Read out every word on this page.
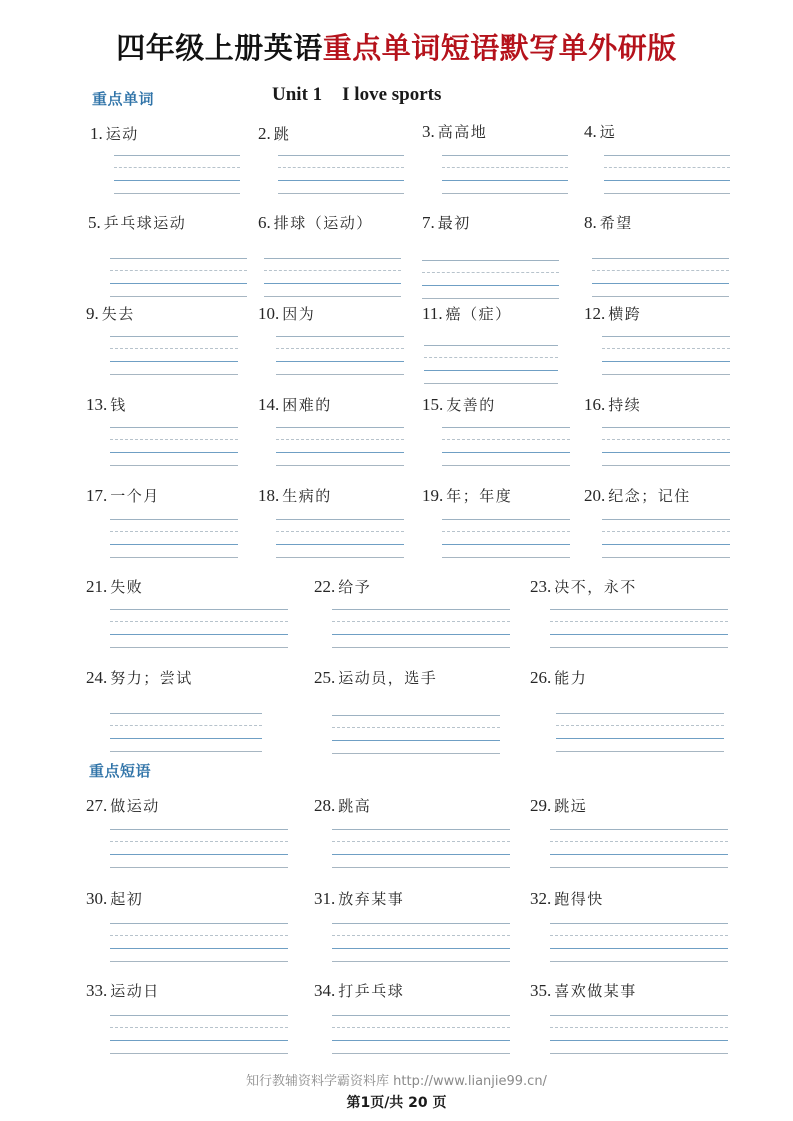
四年级上册英语重点单词短语默写单外研版
重点单词	Unit 1 I love sports
1. 运动	2. 跳	3. 高高地	4. 远
5. 乒乓球运动	6. 排球（运动）	7. 最初	8. 希望
9. 失去	10. 因为	11. 癌（症）	12. 横跨
13. 钱	14. 困难的	15. 友善的	16. 持续
17. 一个月	18. 生病的	19. 年；年度	20. 纪念；记住
21. 失败	22. 给予	23. 决不，永不
24. 努力；尝试	25. 运动员，选手	26. 能力
重点短语
27. 做运动	28. 跳高	29. 跳远
30. 起初	31. 放弃某事	32. 跑得快
33. 运动日	34. 打乒乓球	35. 喜欢做某事
知行教辅资料学霸资料库 http://www.lianjie99.cn/
第1页/共 20 页
